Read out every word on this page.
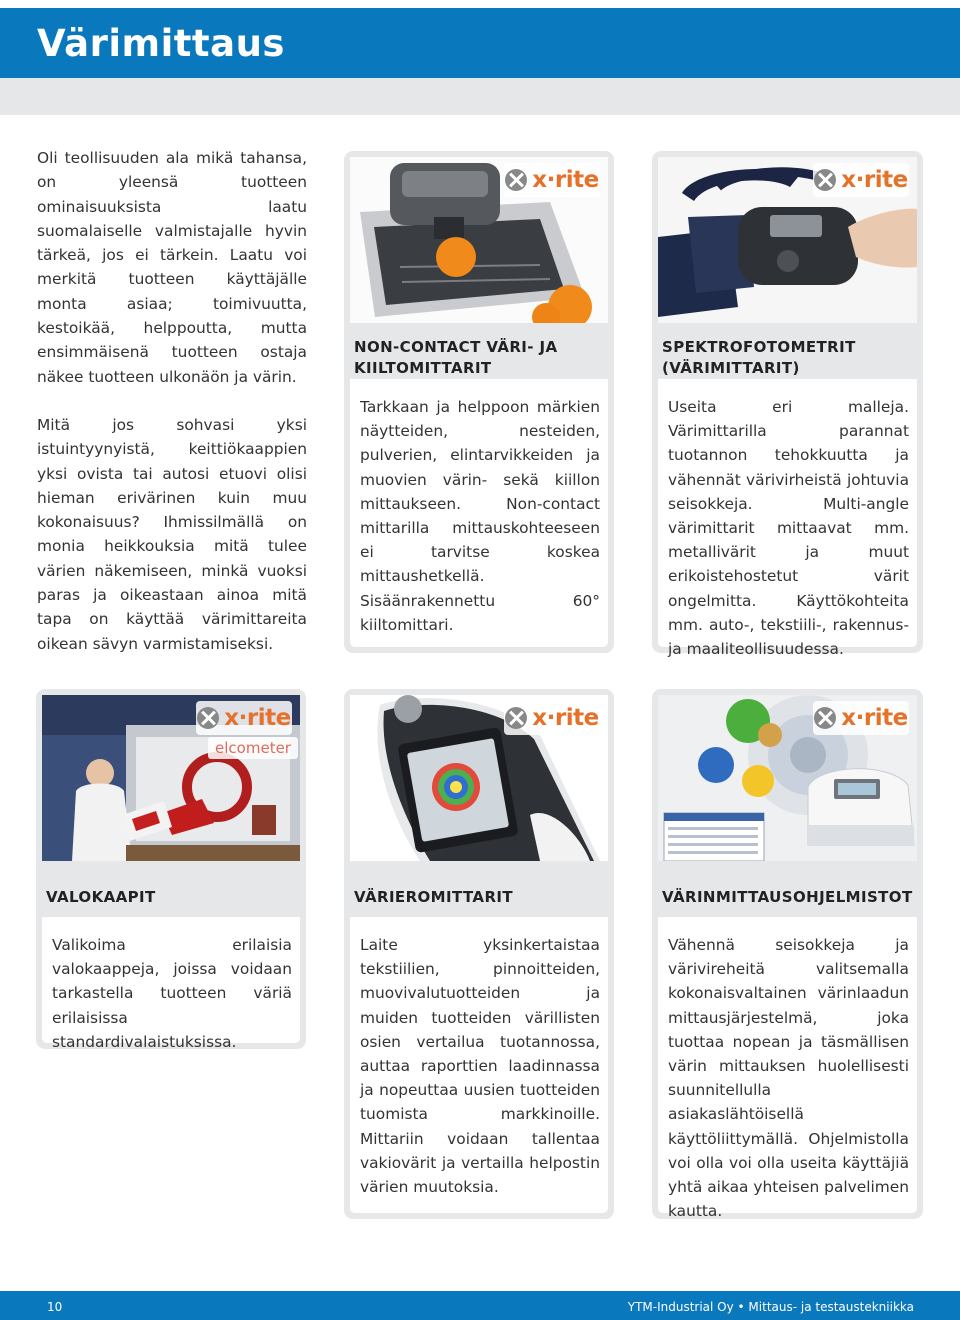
Värimittaus

Oli teollisuuden ala mikä tahansa, on yleensä tuotteen ominaisuuksista laatu suomalaiselle valmistajalle hyvin tärkeä, jos ei tärkein. Laatu voi merkitä tuotteen käyttäjälle monta asiaa; toimivuutta, kestoikää, helppoutta, mutta ensimmäisenä tuotteen ostaja näkee tuotteen ulkonäön ja värin.

Mitä jos sohvasi yksi istuintyynyistä, keittiökaappien yksi ovista tai autosi etuovi olisi hieman erivärinen kuin muu kokonaisuus? Ihmissilmällä on monia heikkouksia mitä tulee värien näkemiseen, minkä vuoksi paras ja oikeastaan ainoa mitä tapa on käyttää värimittareita oikean sävyn varmistamiseksi.

x·rite
NON-CONTACT VÄRI- JA KIILTOMITTARIT
Tarkkaan ja helppoon märkien näytteiden, nesteiden, pulverien, elintarvikkeiden ja muovien värin- sekä kiillon mittaukseen. Non-contact mittarilla mittauskohteeseen ei tarvitse koskea mittaushetkellä. Sisäänrakennettu 60° kiiltomittari.
x·rite
SPEKTROFOTOMETRIT (VÄRIMITTARIT)
Useita eri malleja. Värimittarilla parannat tuotannon tehokkuutta ja vähennät värivirheistä johtuvia seisokkeja. Multi-angle värimittarit mittaavat mm. metallivärit ja muut erikoistehostetut värit ongelmitta. Käyttökohteita mm. auto-, tekstiili-, rakennus- ja maaliteollisuudessa.
x·rite
elcometer
VALOKAAPIT
Valikoima erilaisia valokaappeja, joissa voidaan tarkastella tuotteen väriä erilaisissa standardivalaistuksissa.
x·rite
VÄRIEROMITTARIT
Laite yksinkertaistaa tekstiilien, pinnoitteiden, muovivalutuotteiden ja muiden tuotteiden värillisten osien vertailua tuotannossa, auttaa raporttien laadinnassa ja nopeuttaa uusien tuotteiden tuomista markkinoille. Mittariin voidaan tallentaa vakiovärit ja vertailla helpostin värien muutoksia.
x·rite
VÄRINMITTAUSOHJELMISTOT
Vähennä seisokkeja ja värivireheitä valitsemalla kokonaisvaltainen värinlaadun mittausjärjestelmä, joka tuottaa nopean ja täsmällisen värin mittauksen huolellisesti suunnitellulla asiakaslähtöisellä käyttöliittymällä. Ohjelmistolla voi olla voi olla useita käyttäjiä yhtä aikaa yhteisen palvelimen kautta.
10	YTM-Industrial Oy • Mittaus- ja testaustekniikka
